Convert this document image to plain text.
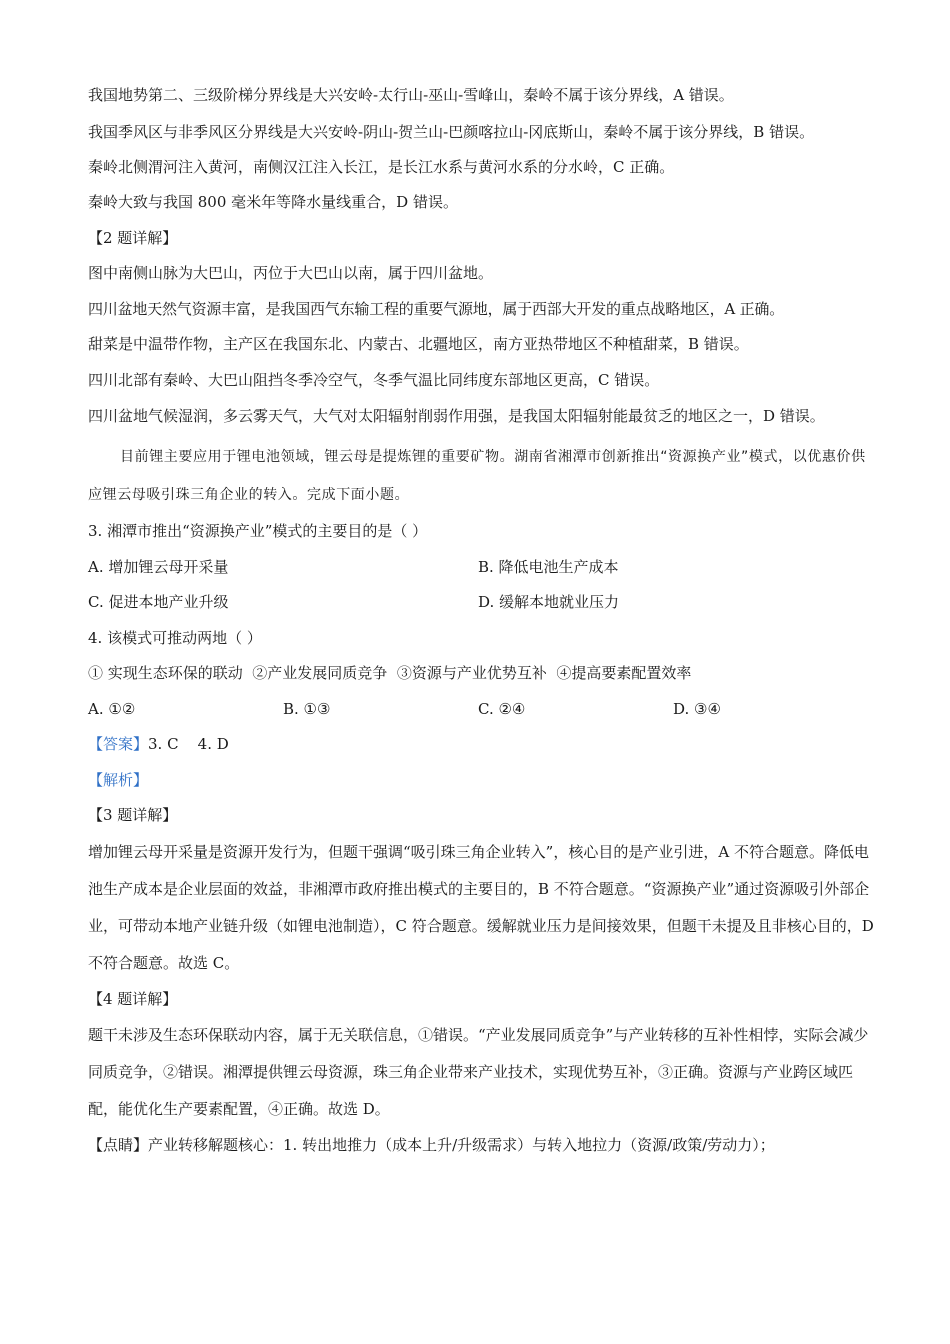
我国地势第二、三级阶梯分界线是大兴安岭-太行山-巫山-雪峰山，秦岭不属于该分界线，A 错误。

我国季风区与非季风区分界线是大兴安岭-阴山-贺兰山-巴颜喀拉山-冈底斯山，秦岭不属于该分界线，B 错误。

秦岭北侧渭河注入黄河，南侧汉江注入长江，是长江水系与黄河水系的分水岭，C 正确。

秦岭大致与我国 800 毫米年等降水量线重合，D 错误。

【2 题详解】

图中南侧山脉为大巴山，丙位于大巴山以南，属于四川盆地。

四川盆地天然气资源丰富，是我国西气东输工程的重要气源地，属于西部大开发的重点战略地区，A 正确。

甜菜是中温带作物，主产区在我国东北、内蒙古、北疆地区，南方亚热带地区不种植甜菜，B 错误。

四川北部有秦岭、大巴山阻挡冬季冷空气，冬季气温比同纬度东部地区更高，C 错误。

四川盆地气候湿润，多云雾天气，大气对太阳辐射削弱作用强，是我国太阳辐射能最贫乏的地区之一，D 错误。

目前锂主要应用于锂电池领域，锂云母是提炼锂的重要矿物。湖南省湘潭市创新推出“资源换产业”模式，以优惠价供应锂云母吸引珠三角企业的转入。完成下面小题。

3. 湘潭市推出“资源换产业”模式的主要目的是（ ）

A. 增加锂云母开采量	B. 降低电池生产成本
C. 促进本地产业升级	D. 缓解本地就业压力

4. 该模式可推动两地（ ）

① 实现生态环保的联动  ②产业发展同质竞争  ③资源与产业优势互补  ④提高要素配置效率

A. ①②	B. ①③	C. ②④	D. ③④

【答案】3. C    4. D

【解析】

【3 题详解】

增加锂云母开采量是资源开发行为，但题干强调“吸引珠三角企业转入”，核心目的是产业引进，A 不符合题意。降低电池生产成本是企业层面的效益，非湘潭市政府推出模式的主要目的，B 不符合题意。“资源换产业”通过资源吸引外部企业，可带动本地产业链升级（如锂电池制造），C 符合题意。缓解就业压力是间接效果，但题干未提及且非核心目的，D 不符合题意。故选 C。

【4 题详解】

题干未涉及生态环保联动内容，属于无关联信息，①错误。“产业发展同质竞争”与产业转移的互补性相悖，实际会减少同质竞争，②错误。湘潭提供锂云母资源，珠三角企业带来产业技术，实现优势互补，③正确。资源与产业跨区域匹配，能优化生产要素配置，④正确。故选 D。

【点睛】产业转移解题核心：1. 转出地推力（成本上升/升级需求）与转入地拉力（资源/政策/劳动力）；
